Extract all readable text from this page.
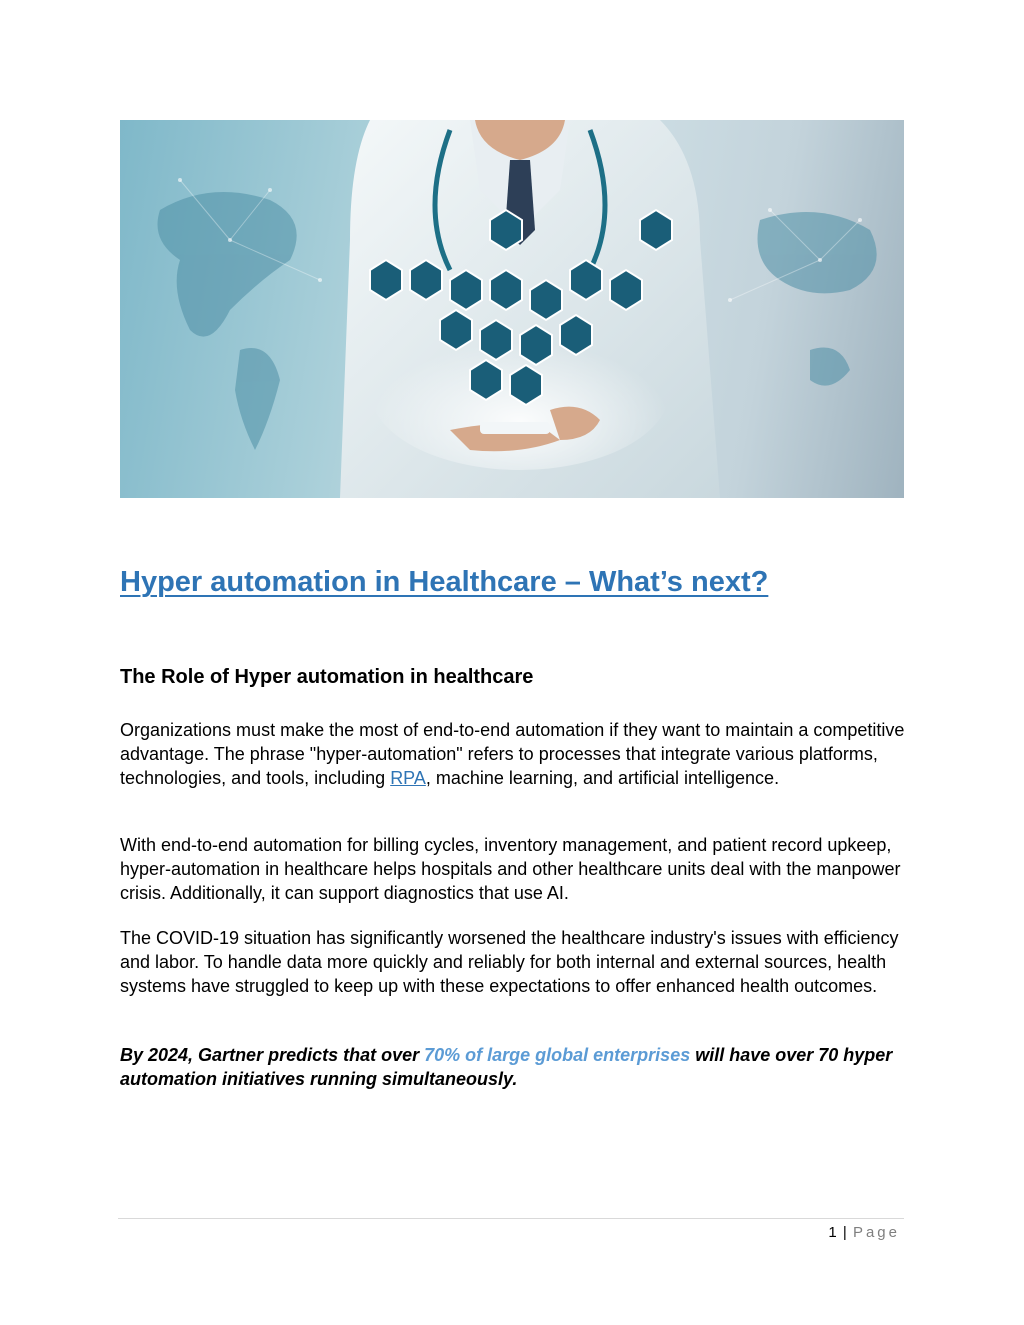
Hyper automation in Healthcare – What’s next?
The Role of Hyper automation in healthcare

Organizations must make the most of end-to-end automation if they want to maintain a competitive advantage. The phrase "hyper-automation" refers to processes that integrate various platforms, technologies, and tools, including RPA, machine learning, and artificial intelligence.

With end-to-end automation for billing cycles, inventory management, and patient record upkeep, hyper-automation in healthcare helps hospitals and other healthcare units deal with the manpower crisis. Additionally, it can support diagnostics that use AI.

The COVID-19 situation has significantly worsened the healthcare industry's issues with efficiency and labor. To handle data more quickly and reliably for both internal and external sources, health systems have struggled to keep up with these expectations to offer enhanced health outcomes.

By 2024, Gartner predicts that over 70% of large global enterprises will have over 70 hyper automation initiatives running simultaneously.

1 | Page
